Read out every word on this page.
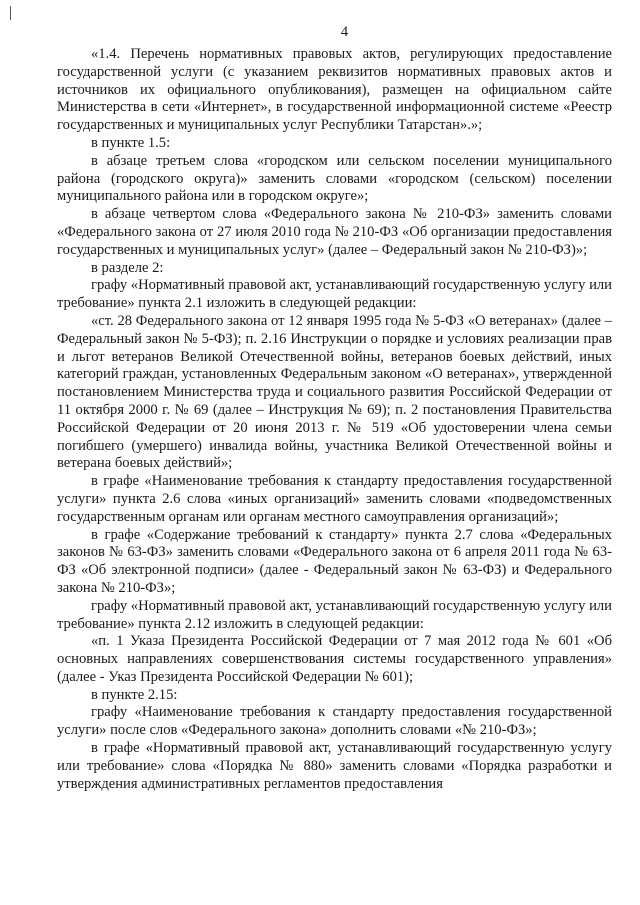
4

«1.4. Перечень нормативных правовых актов, регулирующих предоставление государственной услуги (с указанием реквизитов нормативных правовых актов и источников их официального опубликования), размещен на официальном сайте Министерства в сети «Интернет», в государственной информационной системе «Реестр государственных и муниципальных услуг Республики Татарстан».»;

в пункте 1.5:

в абзаце третьем слова «городском или сельском поселении муниципального района (городского округа)» заменить словами «городском (сельском) поселении муниципального района или в городском округе»;

в абзаце четвертом слова «Федерального закона № 210-ФЗ» заменить словами «Федерального закона от 27 июля 2010 года № 210-ФЗ «Об организации предоставления государственных и муниципальных услуг» (далее – Федеральный закон № 210-ФЗ)»;

в разделе 2:

графу «Нормативный правовой акт, устанавливающий государственную услугу или требование» пункта 2.1 изложить в следующей редакции:

«ст. 28 Федерального закона от 12 января 1995 года № 5-ФЗ «О ветеранах» (далее – Федеральный закон № 5-ФЗ); п. 2.16 Инструкции о порядке и условиях реализации прав и льгот ветеранов Великой Отечественной войны, ветеранов боевых действий, иных категорий граждан, установленных Федеральным законом «О ветеранах», утвержденной постановлением Министерства труда и социального развития Российской Федерации от 11 октября 2000 г. № 69 (далее – Инструкция № 69); п. 2 постановления Правительства Российской Федерации от 20 июня 2013 г. № 519 «Об удостоверении члена семьи погибшего (умершего) инвалида войны, участника Великой Отечественной войны и ветерана боевых действий»;

в графе «Наименование требования к стандарту предоставления государственной услуги» пункта 2.6 слова «иных организаций» заменить словами «подведомственных государственным органам или органам местного самоуправления организаций»;

в графе «Содержание требований к стандарту» пункта 2.7 слова «Федеральных законов № 63-ФЗ» заменить словами «Федерального закона от 6 апреля 2011 года № 63-ФЗ «Об электронной подписи» (далее - Федеральный закон № 63-ФЗ) и Федерального закона № 210-ФЗ»;

графу «Нормативный правовой акт, устанавливающий государственную услугу или требование» пункта 2.12 изложить в следующей редакции:

«п. 1 Указа Президента Российской Федерации от 7 мая 2012 года № 601 «Об основных направлениях совершенствования системы государственного управления» (далее - Указ Президента Российской Федерации № 601);

в пункте 2.15:

графу «Наименование требования к стандарту предоставления государственной услуги» после слов «Федерального закона» дополнить словами «№ 210-ФЗ»;

в графе «Нормативный правовой акт, устанавливающий государственную услугу или требование» слова «Порядка № 880» заменить словами «Порядка разработки и утверждения административных регламентов предоставления
